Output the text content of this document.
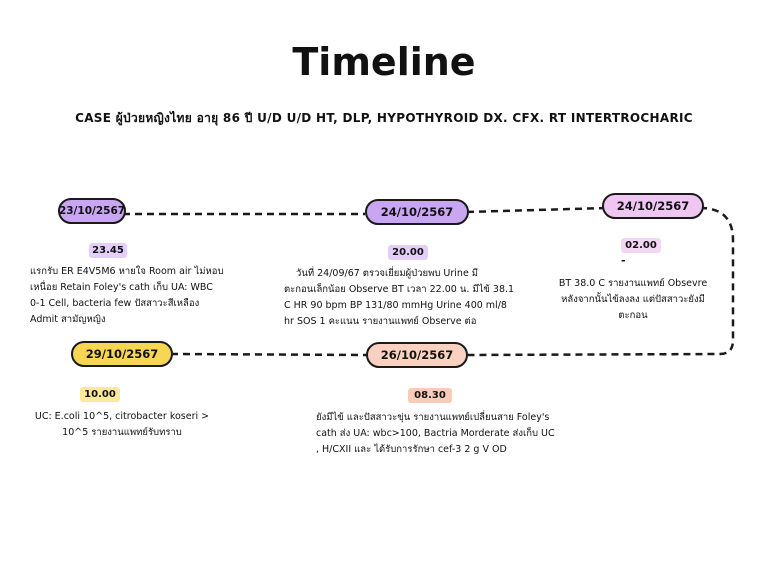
Timeline
CASE ผู้ป่วยหญิงไทย อายุ 86 ปี U/D U/D HT, DLP, HYPOTHYROID DX. CFX. RT INTERTROCHARIC
23/10/2567
23.45
แรกรับ ER E4V5M6 หายใจ Room air ไม่หอบ
เหนื่อย Retain Foley's cath เก็บ UA: WBC
0-1 Cell, bacteria few ปัสสาวะสีเหลือง
Admit สามัญหญิง
24/10/2567
20.00
วันที่ 24/09/67 ตรวจเยี่ยมผู้ป่วยพบ Urine มี
ตะกอนเล็กน้อย Observe BT เวลา 22.00 น. มีไข้ 38.1
C HR 90 bpm BP 131/80 mmHg Urine 400 ml/8
hr SOS 1 คะแนน รายงานแพทย์ Observe ต่อ
24/10/2567
02.00
-
BT 38.0 C รายงานแพทย์ Obsevre
หลังจากนั้นไข้ลงลง แต่ปัสสาวะยังมี
ตะกอน
26/10/2567
08.30
ยังมีไข้ และปัสสาวะขุ่น รายงานแพทย์เปลี่ยนสาย Foley's
cath ส่ง UA: wbc>100, Bactria Morderate ส่งเก็บ UC
, H/CXII และ ได้รับการรักษา cef-3 2 g V OD
29/10/2567
10.00
UC: E.coli 10^5, citrobacter koseri >
10^5 รายงานแพทย์รับทราบ
